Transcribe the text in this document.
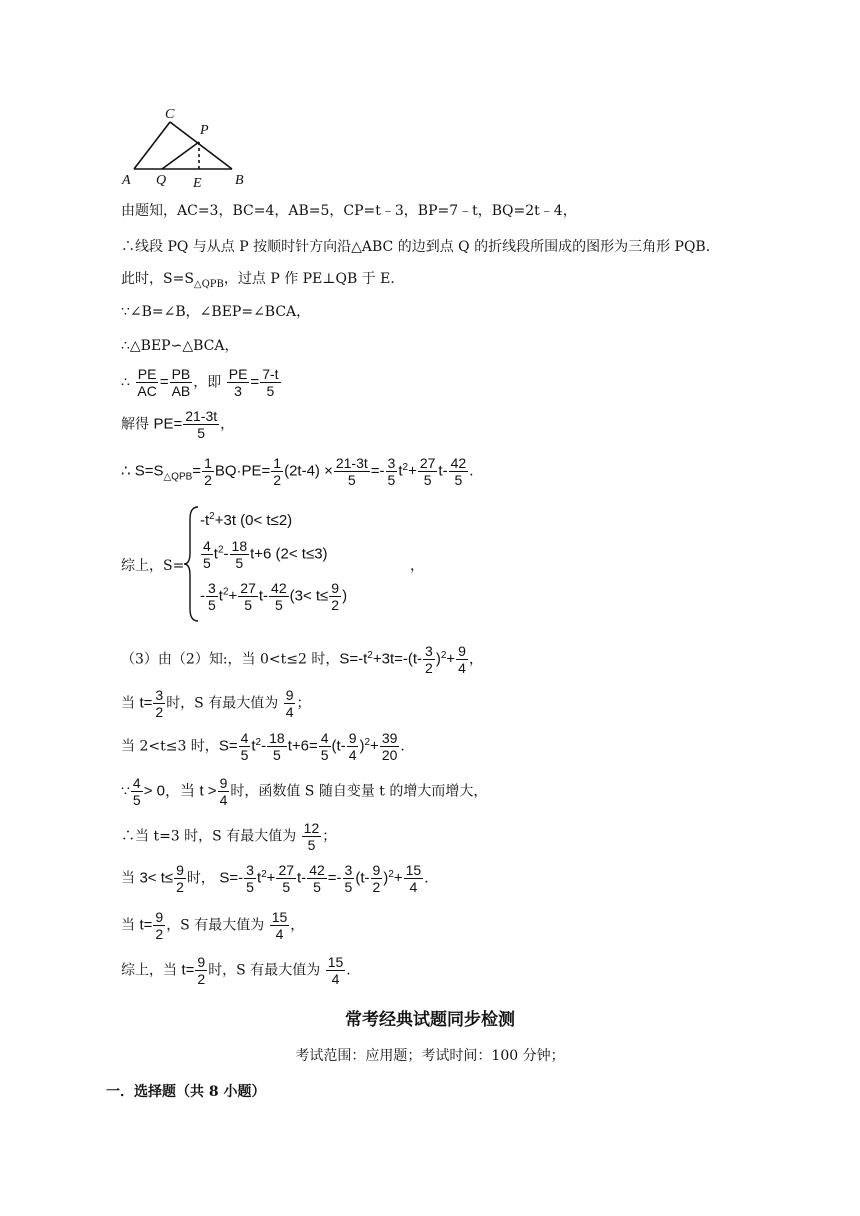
C
P
A Q E B
由题知，AC=3，BC=4，AB=5，CP=t﹣3，BP=7﹣t，BQ=2t﹣4，
∴线段 PQ 与从点 P 按顺时针方向沿△ABC 的边到点 Q 的折线段所围成的图形为三角形 PQB．
此时，$S=S_{\triangle QPB}$，过点 P 作 PE⊥QB 于 E．
∵∠B=∠B，∠BEP=∠BCA，
∴△BEP∽△BCA，
∴ $\frac{PE}{AC} = \frac{PB}{AB}$ ，即 $\frac{PE}{3} = \frac{7-t}{5}$
解得 $PE= \frac{21-3t}{5}$ ，
∴ $S=S_{\triangle QPB}= \frac{1}{2} BQ\cdot PE= \frac{1}{2} (2t-4) \times \frac{21-3t}{5} =- \frac{3}{5} t^2+ \frac{27}{5} t- \frac{42}{5}$ .
综上，S=
$-t^2+3t$ (0< t≤2)
$\frac{4}{5} t^2- \frac{18}{5} t+6$ (2< t≤3)
，
- $\frac{3}{5} t^2+ \frac{27}{5} t- \frac{42}{5} (3< t\le \frac{9}{2}$ )
（3）由（2）知:，当 0<t≤2 时，$S=-t^2+3t=-(t- \frac{3}{2} )^2+ \frac{9}{4}$ ，
当 $t= \frac{3}{2}$ 时，S 有最大值为 $\frac{9}{4}$ ；
当 2<t≤3 时，$S= \frac{4}{5} t^2- \frac{18}{5} t+6= \frac{4}{5} (t- \frac{9}{4} )^2+ \frac{39}{20}$ .
∵ $\frac{4}{5} > 0$，当 $t > \frac{9}{4}$ 时，函数值 S 随自变量 t 的增大而增大，
∴当 t=3 时，S 有最大值为 $\frac{12}{5}$ ；
当 $3< t\le \frac{9}{2}$ 时， $S=- \frac{3}{5} t^2+ \frac{27}{5} t- \frac{42}{5} =- \frac{3}{5} (t- \frac{9}{2} )^2+ \frac{15}{4}$ .
当 $t= \frac{9}{2}$ ，S 有最大值为 $\frac{15}{4}$ ，
综上，当 $t= \frac{9}{2}$ 时，S 有最大值为 $\frac{15}{4}$ .
常考经典试题同步检测
考试范围：应用题；考试时间：100 分钟；
一．选择题（共 8 小题）
